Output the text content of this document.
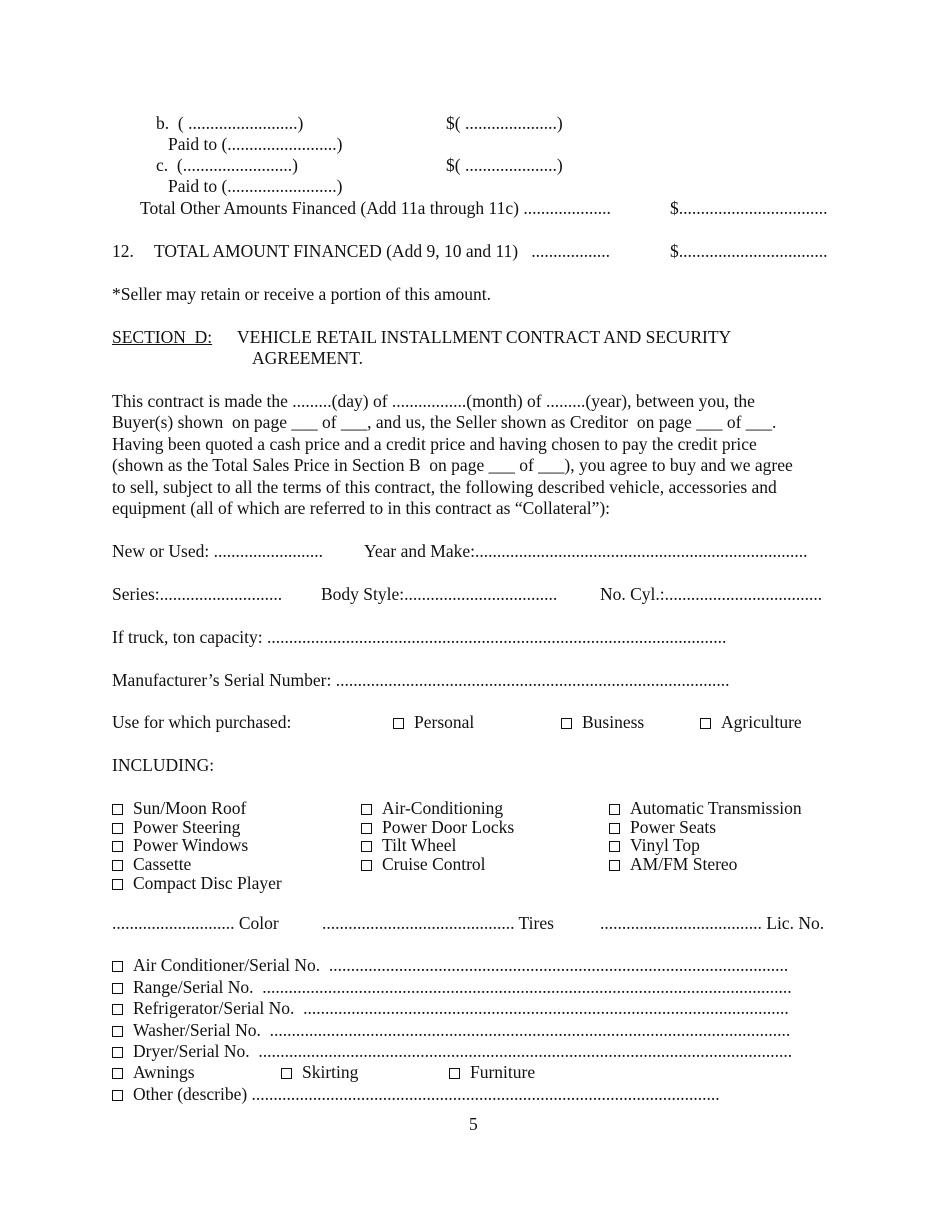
b.  ( .........................)	$( .....................)
Paid to (.........................)
c.  (.........................)	$( .....................)
Paid to (.........................)
Total Other Amounts Financed (Add 11a through 11c) ....................	$..................................
12. TOTAL AMOUNT FINANCED (Add 9, 10 and 11)   ..................	$..................................
*Seller may retain or receive a portion of this amount.
SECTION  D: VEHICLE RETAIL INSTALLMENT CONTRACT AND SECURITY
AGREEMENT.
This contract is made the .........(day) of .................(month) of .........(year), between you, the
Buyer(s) shown  on page ___ of ___, and us, the Seller shown as Creditor  on page ___ of ___.
Having been quoted a cash price and a credit price and having chosen to pay the credit price
(shown as the Total Sales Price in Section B  on page ___ of ___), you agree to buy and we agree
to sell, subject to all the terms of this contract, the following described vehicle, accessories and
equipment (all of which are referred to in this contract as “Collateral”):
New or Used: ......................... Year and Make:............................................................................
Series:............................ Body Style:................................... No. Cyl.:....................................
If truck, ton capacity: .........................................................................................................
Manufacturer’s Serial Number: ..........................................................................................
Use for which purchased:	Personal	Business	Agriculture
INCLUDING:
Sun/Moon Roof
Power Steering
Power Windows
Cassette
Compact Disc Player
Air-Conditioning
Power Door Locks
Tilt Wheel
Cruise Control
Automatic Transmission
Power Seats
Vinyl Top
AM/FM Stereo
............................ Color ............................................ Tires	..................................... Lic. No.
Air Conditioner/Serial No.  .........................................................................................................
Range/Serial No.  .........................................................................................................................
Refrigerator/Serial No.  ...............................................................................................................
Washer/Serial No.  .......................................................................................................................
Dryer/Serial No.  ..........................................................................................................................
Awnings	Skirting	Furniture
Other (describe) ...........................................................................................................
5
